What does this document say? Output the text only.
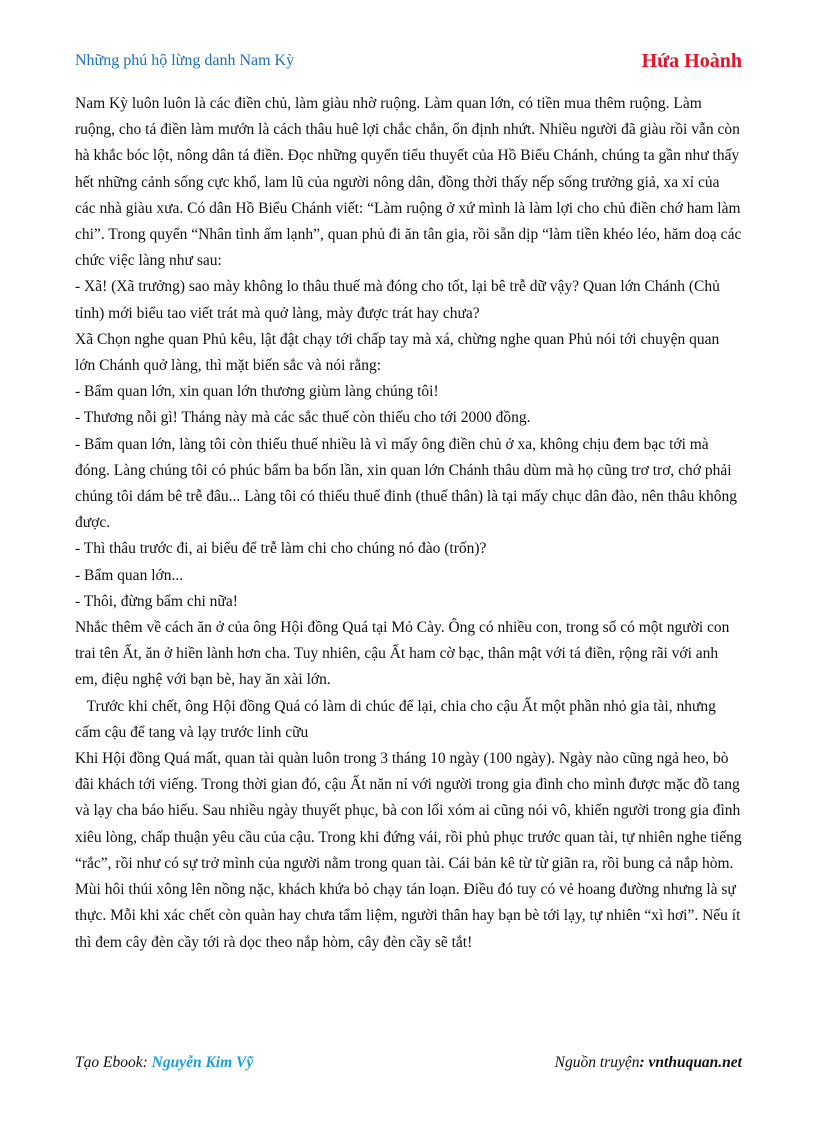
Những phú hộ lừng danh Nam Kỳ	Hứa Hoành

Nam Kỳ luôn luôn là các điền chủ, làm giàu nhờ ruộng. Làm quan lớn, có tiền mua thêm ruộng. Làm ruộng, cho tá điền làm mướn là cách thâu huê lợi chắc chắn, ổn định nhứt. Nhiều người đã giàu rồi vẫn còn hà khắc bóc lột, nông dân tá điền. Đọc những quyển tiểu thuyết của Hồ Biểu Chánh, chúng ta gần như thấy hết những cảnh sống cực khổ, lam lũ của người nông dân, đồng thời thấy nếp sống trưởng giả, xa xỉ của các nhà giàu xưa. Có dân Hồ Biểu Chánh viết: “Làm ruộng ở xứ mình là làm lợi cho chủ điền chớ ham làm chi”. Trong quyển “Nhân tình ấm lạnh”, quan phủ đi ăn tân gia, rồi sẵn dịp “làm tiền khéo léo, hăm doạ các chức việc làng như sau:

- Xã! (Xã trưởng) sao mày không lo thâu thuế mà đóng cho tốt, lại bê trễ dữ vậy? Quan lớn Chánh (Chủ tỉnh) mới biểu tao viết trát mà quở làng, mày được trát hay chưa?

Xã Chọn nghe quan Phủ kêu, lật đật chạy tới chấp tay mà xá, chừng nghe quan Phủ nói tới chuyện quan lớn Chánh quở làng, thì mặt biến sắc và nói rằng:

- Bẩm quan lớn, xin quan lớn thương giùm làng chúng tôi!

- Thương nỗi gì! Tháng này mà các sắc thuế còn thiếu cho tới 2000 đồng.

- Bẩm quan lớn, làng tôi còn thiếu thuế nhiều là vì mấy ông điền chủ ở xa, không chịu đem bạc tới mà đóng. Làng chúng tôi có phúc bẩm ba bốn lần, xin quan lớn Chánh thâu dùm mà họ cũng trơ trơ, chớ phải chúng tôi dám bê trễ đâu... Làng tôi có thiếu thuế đinh (thuế thân) là tại mấy chục dân đào, nên thâu không được.

- Thì thâu trước đi, ai biểu để trễ làm chi cho chúng nó đào (trốn)?

- Bẩm quan lớn...

- Thôi, đừng bẩm chi nữa!

Nhắc thêm về cách ăn ở của ông Hội đồng Quá tại Mỏ Cày. Ông có nhiều con, trong số có một người con trai tên Ất, ăn ở hiền lành hơn cha. Tuy nhiên, cậu Ất ham cờ bạc, thân mật với tá điền, rộng rãi với anh em, điệu nghệ với bạn bè, hay ăn xài lớn.

Trước khi chết, ông Hội đồng Quá có làm di chúc để lại, chia cho cậu Ất một phần nhỏ gia tài, nhưng cấm cậu để tang và lạy trước linh cữu

Khi Hội đồng Quá mất, quan tài quàn luôn trong 3 tháng 10 ngày (100 ngày). Ngày nào cũng ngả heo, bò đãi khách tới viếng. Trong thời gian đó, cậu Ất năn nỉ với người trong gia đình cho mình được mặc đồ tang và lạy cha báo hiếu. Sau nhiều ngày thuyết phục, bà con lối xóm ai cũng nói vô, khiến người trong gia đình xiêu lòng, chấp thuận yêu cầu của cậu. Trong khi đứng vái, rồi phủ phục trước quan tài, tự nhiên nghe tiếng “rắc”, rồi như có sự trở mình của người nằm trong quan tài. Cái bản kê từ từ giãn ra, rồi bung cả nắp hòm. Mùi hôi thúi xông lên nồng nặc, khách khứa bỏ chạy tán loạn. Điều đó tuy có vẻ hoang đường nhưng là sự thực. Mỗi khi xác chết còn quàn hay chưa tẩm liệm, người thân hay bạn bè tới lạy, tự nhiên “xì hơi”. Nếu ít thì đem cây đèn cầy tới rà dọc theo nắp hòm, cây đèn cầy sẽ tắt!

Tạo Ebook: Nguyễn Kim Vỹ	Nguồn truyện: vnthuquan.net
